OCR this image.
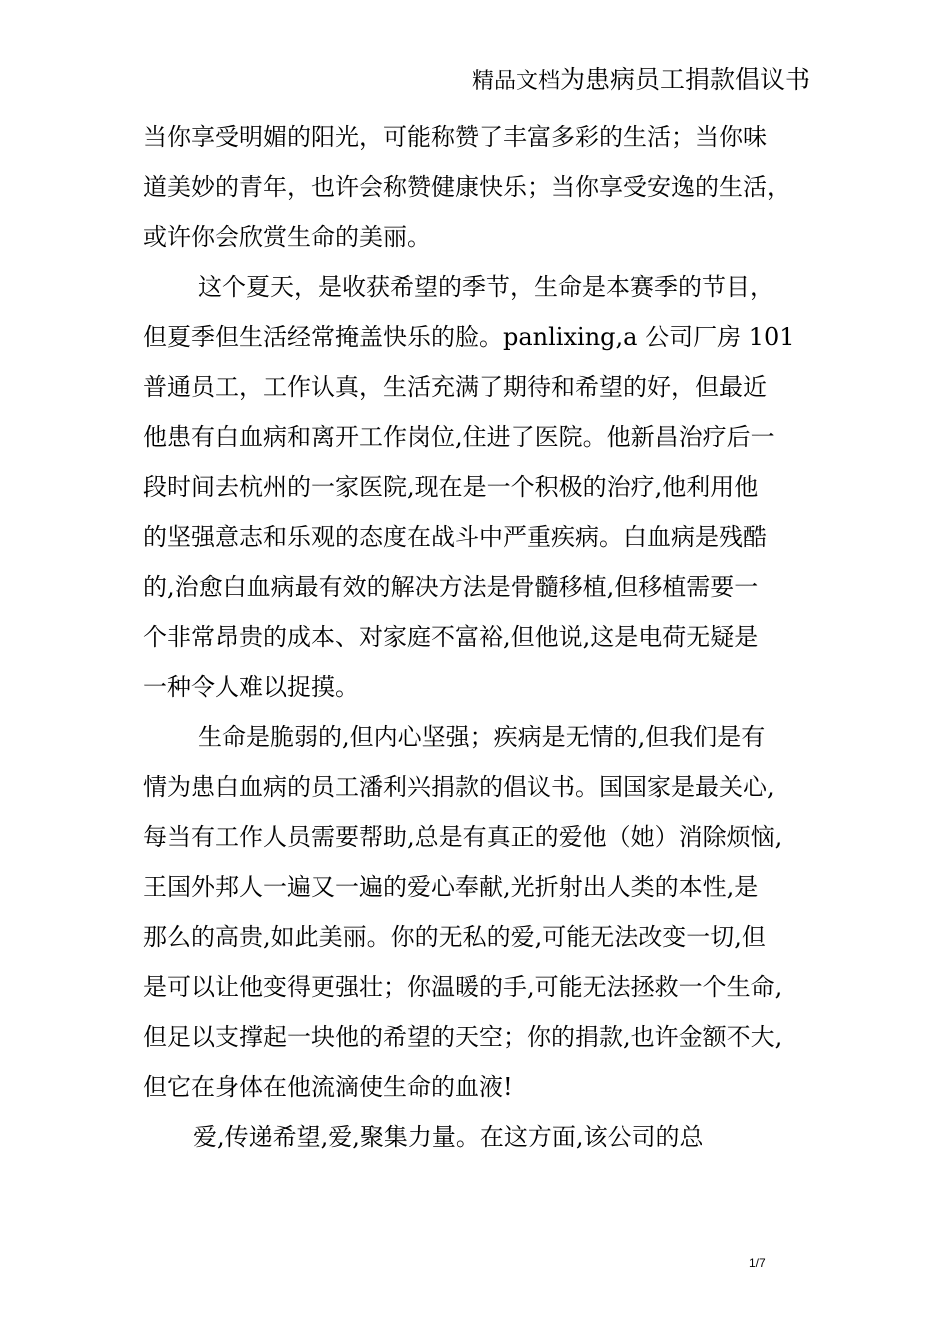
精品文档为患病员工捐款倡议书
当你享受明媚的阳光，可能称赞了丰富多彩的生活；当你味
道美妙的青年，也许会称赞健康快乐；当你享受安逸的生活，
或许你会欣赏生命的美丽。
这个夏天，是收获希望的季节，生命是本赛季的节目，
但夏季但生活经常掩盖快乐的脸。panlixing,a 公司厂房 101
普通员工，工作认真，生活充满了期待和希望的好，但最近
他患有白血病和离开工作岗位,住进了医院。他新昌治疗后一
段时间去杭州的一家医院,现在是一个积极的治疗,他利用他
的坚强意志和乐观的态度在战斗中严重疾病。白血病是残酷
的,治愈白血病最有效的解决方法是骨髓移植,但移植需要一
个非常昂贵的成本、对家庭不富裕,但他说,这是电荷无疑是
一种令人难以捉摸。
生命是脆弱的,但内心坚强；疾病是无情的,但我们是有
情为患白血病的员工潘利兴捐款的倡议书。国国家是最关心,
每当有工作人员需要帮助,总是有真正的爱他（她）消除烦恼,
王国外邦人一遍又一遍的爱心奉献,光折射出人类的本性,是
那么的高贵,如此美丽。你的无私的爱,可能无法改变一切,但
是可以让他变得更强壮；你温暖的手,可能无法拯救一个生命,
但足以支撑起一块他的希望的天空；你的捐款,也许金额不大,
但它在身体在他流滴使生命的血液!
爱,传递希望,爱,聚集力量。在这方面,该公司的总
1/7
